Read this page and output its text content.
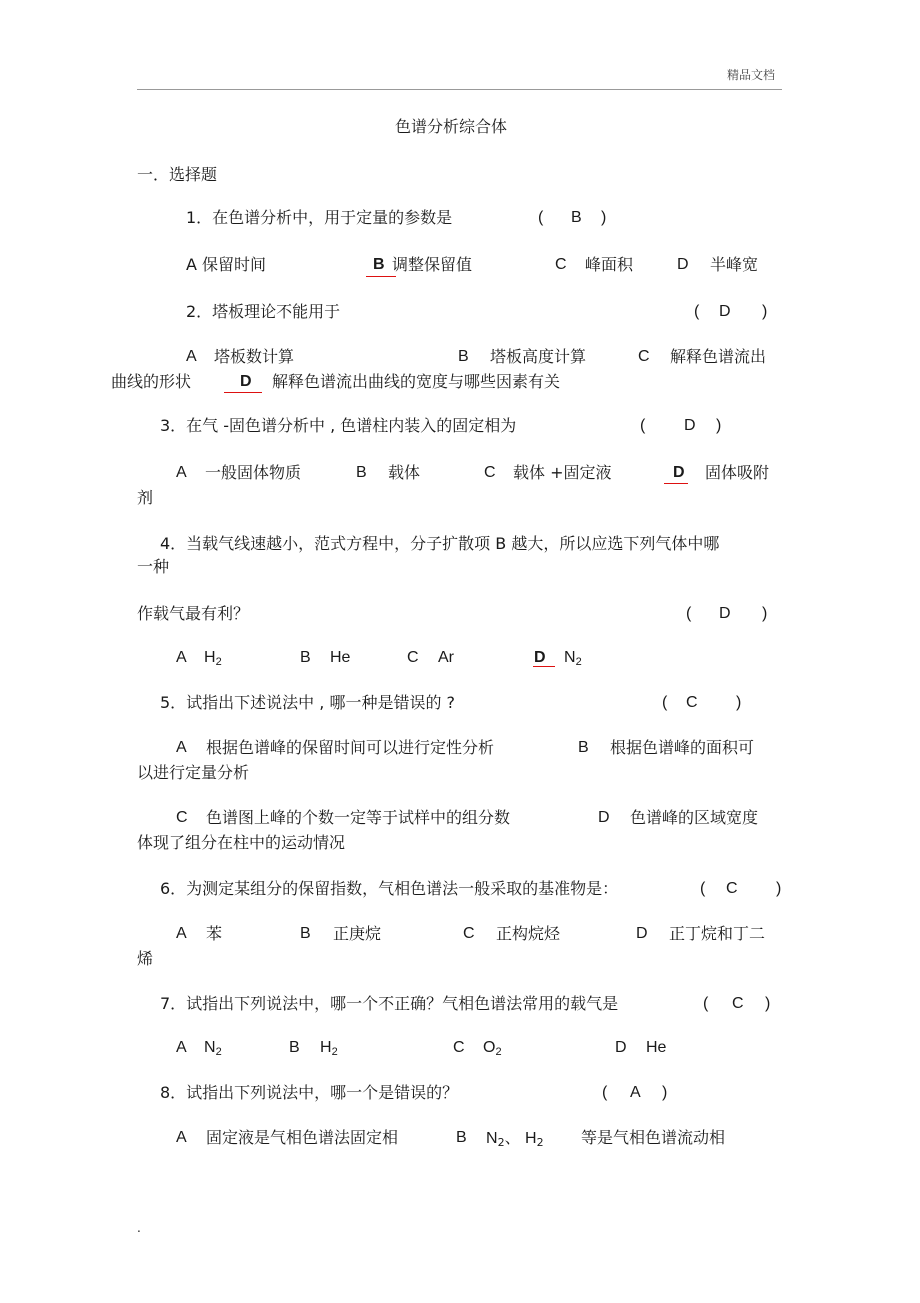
精品文档
色谱分析综合体
一．选择题
1．在色谱分析中，用于定量的参数是	( B )
A 保留时间	B 调整保留值	C 峰面积	D 半峰宽
2．塔板理论不能用于	( D )
A 塔板数计算	B 塔板高度计算	C 解释色谱流出
曲线的形状	D 解释色谱流出曲线的宽度与哪些因素有关
3．在气 -固色谱分析中 , 色谱柱内装入的固定相为	( D )
A 一般固体物质	B 载体	C 载体 +固定液	D 固体吸附
剂
4．当载气线速越小，范式方程中，分子扩散项 B 越大，所以应选下列气体中哪
一种
作载气最有利？	( D )
A H2	B He	C Ar	D N2
5．试指出下述说法中 , 哪一种是错误的 ?	( C )
A 根据色谱峰的保留时间可以进行定性分析	B 根据色谱峰的面积可
以进行定量分析
C 色谱图上峰的个数一定等于试样中的组分数	D 色谱峰的区域宽度
体现了组分在柱中的运动情况
6．为测定某组分的保留指数，气相色谱法一般采取的基准物是：	( C )
A 苯	B 正庚烷	C 正构烷烃	D 正丁烷和丁二
烯
7．试指出下列说法中，哪一个不正确？气相色谱法常用的载气是	( C )
A N2	B H2	C O2	D He
8．试指出下列说法中，哪一个是错误的？	( A )
A 固定液是气相色谱法固定相	B N2、 H2 等是气相色谱流动相
.
